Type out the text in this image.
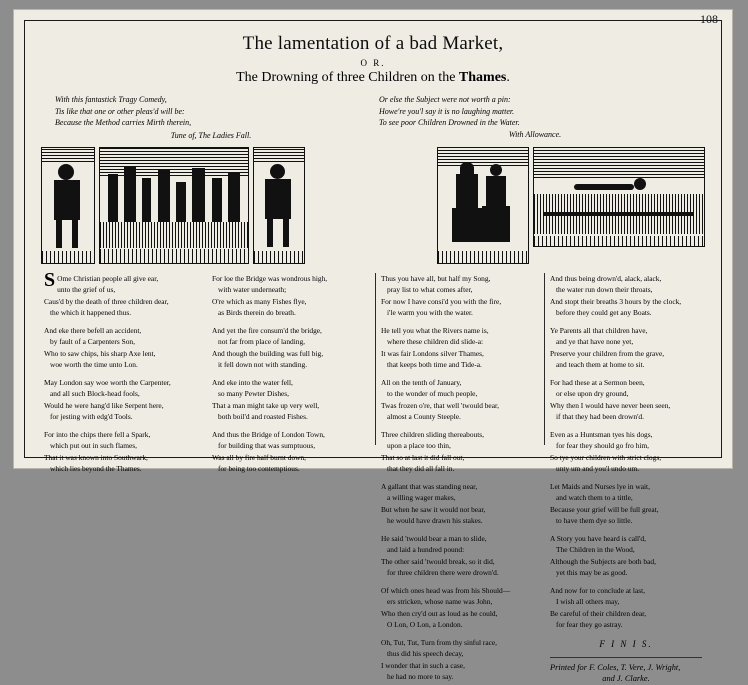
108
The lamentation of a bad Market,
O R.
The Drowning of three Children on the Thames.
With this fantastick Tragy Comedy,
Tis like that one or other pleas'd will be:
Because the Method carries Mirth therein,
Tune of, The Ladies Fall.
Or else the Subject were not worth a pin:
Howe're you'l say it is no laughing matter.
To see poor Children Drowned in the Water.
With Allowance.
S Ome Christian people all give ear,
unto the grief of us,
Caus'd by the death of three children dear,
the which it happened thus.
And eke there befell an accident,
by fault of a Carpenters Son,
Who to saw chips, his sharp Axe lent,
woe worth the time unto Lon.
May London say woe worth the Carpenter,
and all such Block-head fools,
Would he were hang'd like Serpent here,
for jesting with edg'd Tools.
For into the chips there fell a Spark,
which put out in such flames,
That it was known into Southwark,
which lies beyond the Thames.
For loe the Bridge was wondrous high,
with water underneath;
O're which as many Fishes flye,
as Birds therein do breath.
And yet the fire consum'd the bridge,
not far from place of landing,
And though the building was full big,
it fell down not with standing.
And eke into the water fell,
so many Pewter Dishes,
That a man might take up very well,
both boil'd and roasted Fishes.
And thus the Bridge of London Town,
for building that was sumptuous,
Was all by fire half burnt down,
for being too contemptious.
Thus you have all, but half my Song,
pray list to what comes after,
For now I have consi'd you with the fire,
i'le warm you with the water.
He tell you what the Rivers name is,
where these children did slide-a:
It was fair Londons silver Thames,
that keeps both time and Tide-a.
All on the tenth of January,
to the wonder of much people,
Twas frozen o're, that well 'twould bear,
almost a County Steeple.
Three children sliding thereabouts,
upon a place too thin,
That so at last it did fall out,
that they did all fall in.
A gallant that was standing near,
a willing wager makes,
But when he saw it would not bear,
he would have drawn his stakes.
He said 'twould bear a man to slide,
and laid a hundred pound:
The other said 'twould break, so it did,
for three children there were drown'd.
Of which ones head was from his Should—
ers stricken, whose name was John,
Who then cry'd out as loud as he could,
O Lon, O Lon, a London.
Oh, Tut, Tut, Turn from thy sinful race,
thus did his speech decay,
I wonder that in such a case,
he had no more to say.
And thus being drown'd, alack, alack,
the water run down their throats,
And stopt their breaths 3 hours by the clock,
before they could get any Boats.
Ye Parents all that children have,
and ye that have none yet,
Preserve your children from the grave,
and teach them at home to sit.
For had these at a Sermon been,
or else upon dry ground,
Why then I would have never been seen,
if that they had been drown'd.
Even as a Huntsman tyes his dogs,
for fear they should go fro him,
So tye your children with strict clogs,
unty um and you'l undo um.
Let Maids and Nurses lye in wait,
and watch them to a tittle,
Because your grief will be full great,
to have them dye so little.
A Story you have heard is call'd,
The Children in the Wood,
Although the Subjects are both bad,
yet this may be as good.
And now for to conclude at last,
I wish all others may,
Be careful of their children dear,
for fear they go astray.
F I N I S.
Printed for F. Coles, T. Vere, J. Wright,
and J. Clarke.
